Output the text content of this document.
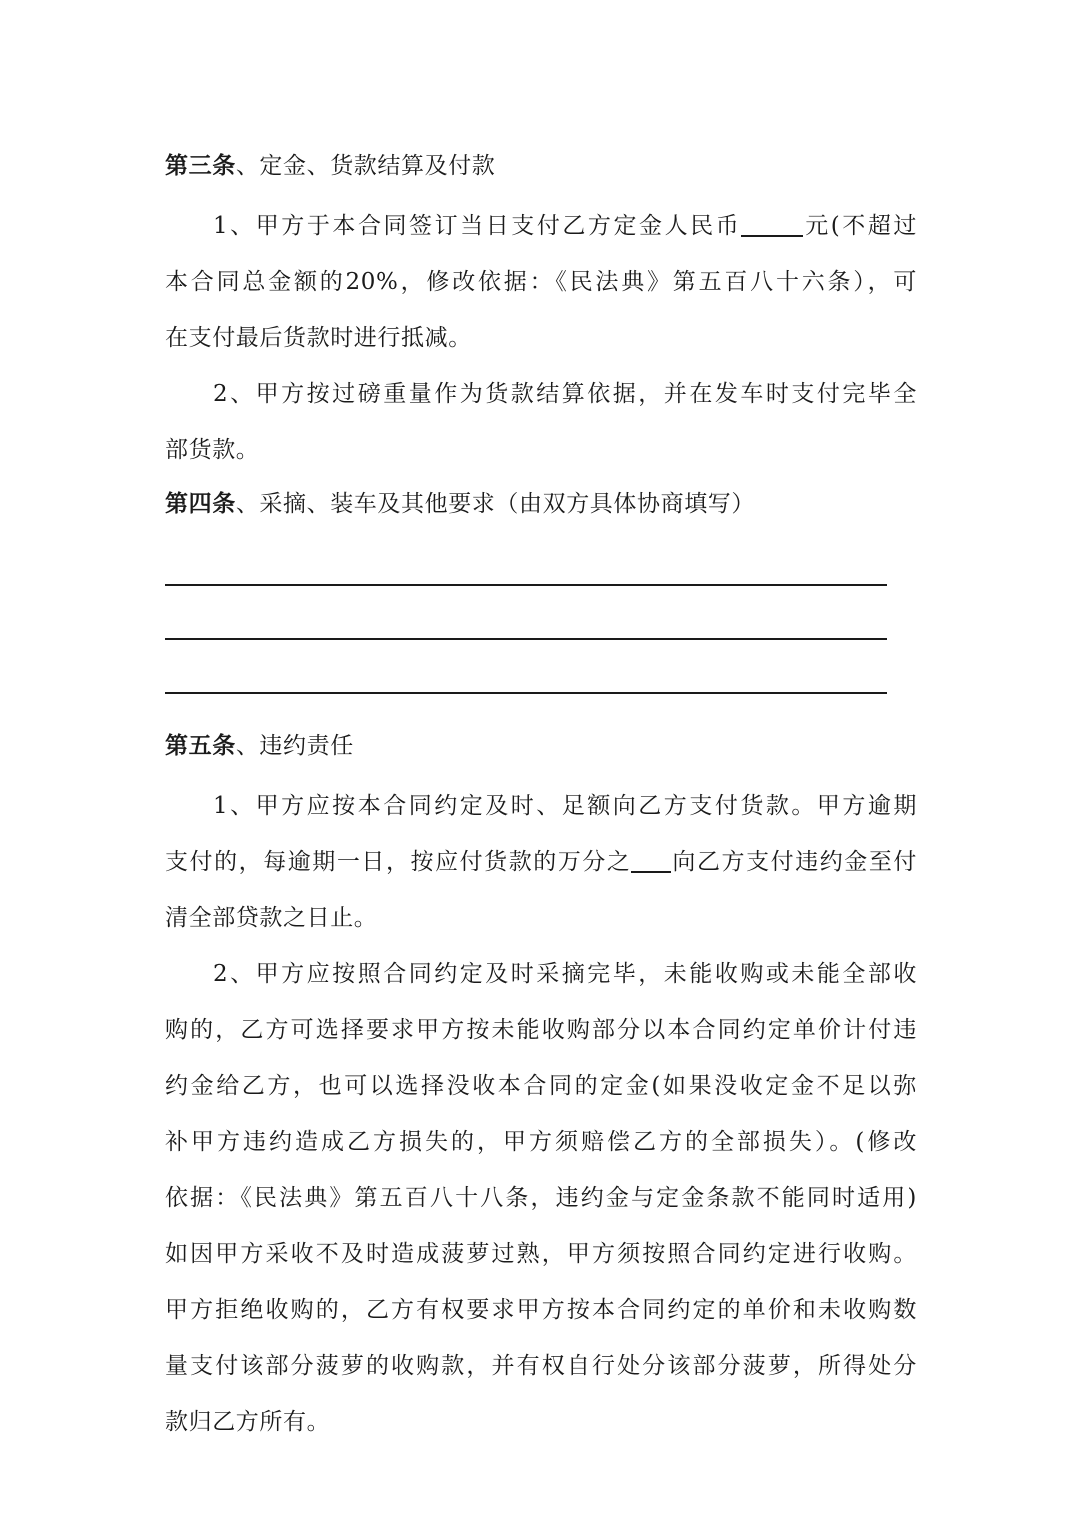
第三条、定金、货款结算及付款
1、甲方于本合同签订当日支付乙方定金人民币	元(不超过
本合同总金额的20%，修改依据：《民法典》第五百八十六条），可
在支付最后货款时进行抵减。
2、甲方按过磅重量作为货款结算依据，并在发车时支付完毕全
部货款。
第四条、采摘、装车及其他要求（由双方具体协商填写）
第五条、违约责任
1、甲方应按本合同约定及时、足额向乙方支付货款。甲方逾期
支付的，每逾期一日，按应付货款的万分之 向乙方支付违约金至付
清全部贷款之日止。
2、甲方应按照合同约定及时采摘完毕，未能收购或未能全部收
购的，乙方可选择要求甲方按未能收购部分以本合同约定单价计付违
约金给乙方，也可以选择没收本合同的定金(如果没收定金不足以弥
补甲方违约造成乙方损失的，甲方须赔偿乙方的全部损失）。(修改
依据：《民法典》第五百八十八条，违约金与定金条款不能同时适用)
如因甲方采收不及时造成菠萝过熟，甲方须按照合同约定进行收购。
甲方拒绝收购的，乙方有权要求甲方按本合同约定的单价和未收购数
量支付该部分菠萝的收购款，并有权自行处分该部分菠萝，所得处分
款归乙方所有。
